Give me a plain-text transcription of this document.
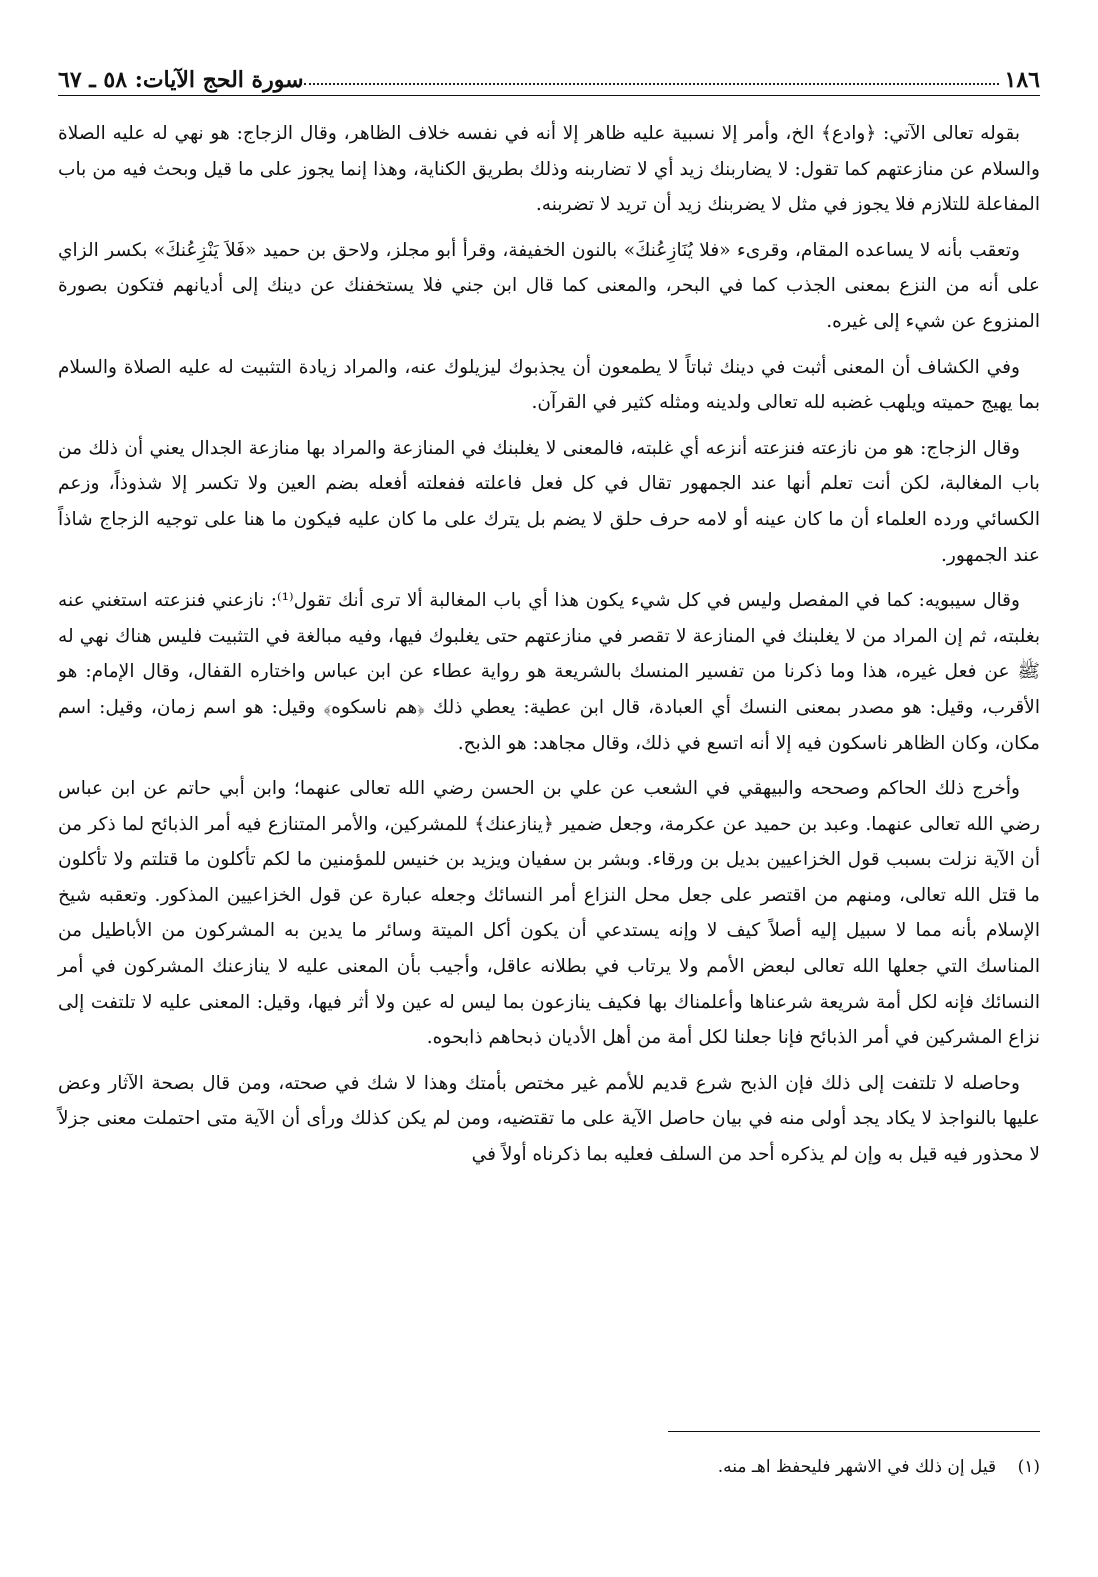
١٨٦
سورة الحج الآيات: ٥٨ ـ ٦٧

بقوله تعالى الآتي: ﴿وادع﴾ الخ، وأمر إلا نسبية عليه ظاهر إلا أنه في نفسه خلاف الظاهر، وقال الزجاج: هو نهي له عليه الصلاة والسلام عن منازعتهم كما تقول: لا يضاربنك زيد أي لا تضاربنه وذلك بطريق الكناية، وهذا إنما يجوز على ما قيل وبحث فيه من باب المفاعلة للتلازم فلا يجوز في مثل لا يضربنك زيد أن تريد لا تضربنه.

وتعقب بأنه لا يساعده المقام، وقرىء «فلا يُنَازِعُنكَ» بالنون الخفيفة، وقرأ أبو مجلز، ولاحق بن حميد «فَلاَ يَنْزِعُنكَ» بكسر الزاي على أنه من النزع بمعنى الجذب كما في البحر، والمعنى كما قال ابن جني فلا يستخفنك عن دينك إلى أديانهم فتكون بصورة المنزوع عن شيء إلى غيره.

وفي الكشاف أن المعنى أثبت في دينك ثباتاً لا يطمعون أن يجذبوك ليزيلوك عنه، والمراد زيادة التثبيت له عليه الصلاة والسلام بما يهيج حميته ويلهب غضبه لله تعالى ولدينه ومثله كثير في القرآن.

وقال الزجاج: هو من نازعته فنزعته أنزعه أي غلبته، فالمعنى لا يغلبنك في المنازعة والمراد بها منازعة الجدال يعني أن ذلك من باب المغالبة، لكن أنت تعلم أنها عند الجمهور تقال في كل فعل فاعلته ففعلته أفعله بضم العين ولا تكسر إلا شذوذاً، وزعم الكسائي ورده العلماء أن ما كان عينه أو لامه حرف حلق لا يضم بل يترك على ما كان عليه فيكون ما هنا على توجيه الزجاج شاذاً عند الجمهور.

وقال سيبويه: كما في المفصل وليس في كل شيء يكون هذا أي باب المغالبة ألا ترى أنك تقول⁽¹⁾: نازعني فنزعته استغني عنه بغلبته، ثم إن المراد من لا يغلبنك في المنازعة لا تقصر في منازعتهم حتى يغلبوك فيها، وفيه مبالغة في التثبيت فليس هناك نهي له ﷺ عن فعل غيره، هذا وما ذكرنا من تفسير المنسك بالشريعة هو رواية عطاء عن ابن عباس واختاره القفال، وقال الإمام: هو الأقرب، وقيل: هو مصدر بمعنى النسك أي العبادة، قال ابن عطية: يعطي ذلك ﴿هم ناسكوه﴾ وقيل: هو اسم زمان، وقيل: اسم مكان، وكان الظاهر ناسكون فيه إلا أنه اتسع في ذلك، وقال مجاهد: هو الذبح.

وأخرج ذلك الحاكم وصححه والبيهقي في الشعب عن علي بن الحسن رضي الله تعالى عنهما؛ وابن أبي حاتم عن ابن عباس رضي الله تعالى عنهما. وعبد بن حميد عن عكرمة، وجعل ضمير ﴿ينازعنك﴾ للمشركين، والأمر المتنازع فيه أمر الذبائح لما ذكر من أن الآية نزلت بسبب قول الخزاعيين بديل بن ورقاء. وبشر بن سفيان ويزيد بن خنيس للمؤمنين ما لكم تأكلون ما قتلتم ولا تأكلون ما قتل الله تعالى، ومنهم من اقتصر على جعل محل النزاع أمر النسائك وجعله عبارة عن قول الخزاعيين المذكور. وتعقبه شيخ الإسلام بأنه مما لا سبيل إليه أصلاً كيف لا وإنه يستدعي أن يكون أكل الميتة وسائر ما يدين به المشركون من الأباطيل من المناسك التي جعلها الله تعالى لبعض الأمم ولا يرتاب في بطلانه عاقل، وأجيب بأن المعنى عليه لا ينازعنك المشركون في أمر النسائك فإنه لكل أمة شريعة شرعناها وأعلمناك بها فكيف ينازعون بما ليس له عين ولا أثر فيها، وقيل: المعنى عليه لا تلتفت إلى نزاع المشركين في أمر الذبائح فإنا جعلنا لكل أمة من أهل الأديان ذبحاهم ذابحوه.

وحاصله لا تلتفت إلى ذلك فإن الذبح شرع قديم للأمم غير مختص بأمتك وهذا لا شك في صحته، ومن قال بصحة الآثار وعض عليها بالنواجذ لا يكاد يجد أولى منه في بيان حاصل الآية على ما تقتضيه، ومن لم يكن كذلك ورأى أن الآية متى احتملت معنى جزلاً لا محذور فيه قيل به وإن لم يذكره أحد من السلف فعليه بما ذكرناه أولاً في

(١) قيل إن ذلك في الاشهر فليحفظ اهـ منه.
